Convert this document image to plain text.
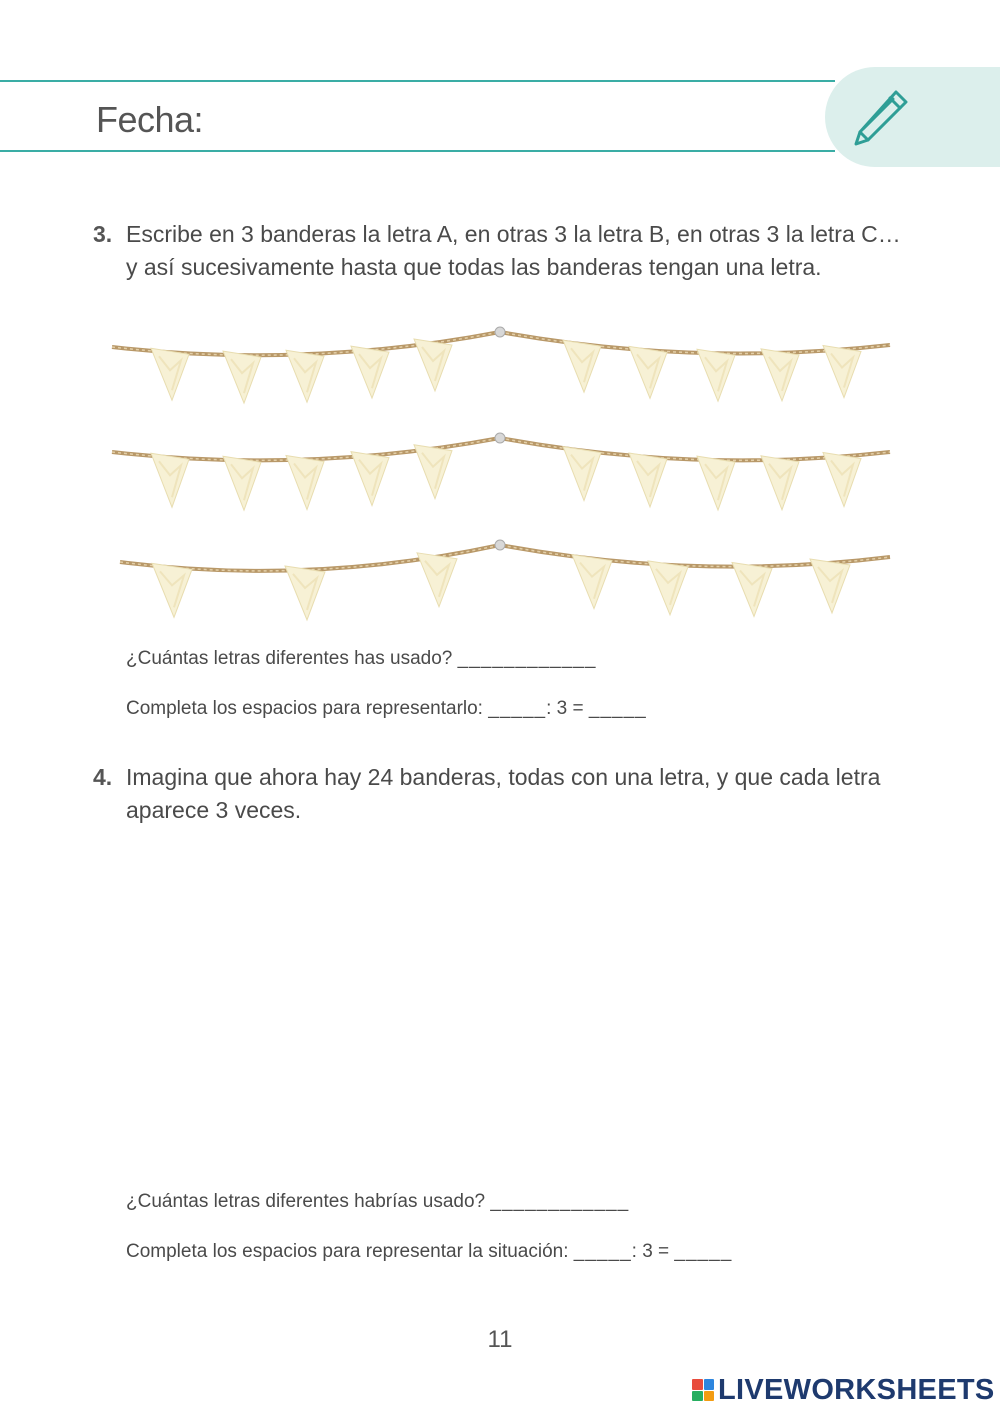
Fecha:
3. Escribe en 3 banderas la letra A, en otras 3 la letra B, en otras 3 la letra C…
y así sucesivamente hasta que todas las banderas tengan una letra.
¿Cuántas letras diferentes has usado? ____________
Completa los espacios para representarlo: _____: 3 = _____
4. Imagina que ahora hay 24 banderas, todas con una letra, y que cada letra
aparece 3 veces.
¿Cuántas letras diferentes habrías usado? ____________
Completa los espacios para representar la situación: _____: 3 = _____
11
LIVEWORKSHEETS
